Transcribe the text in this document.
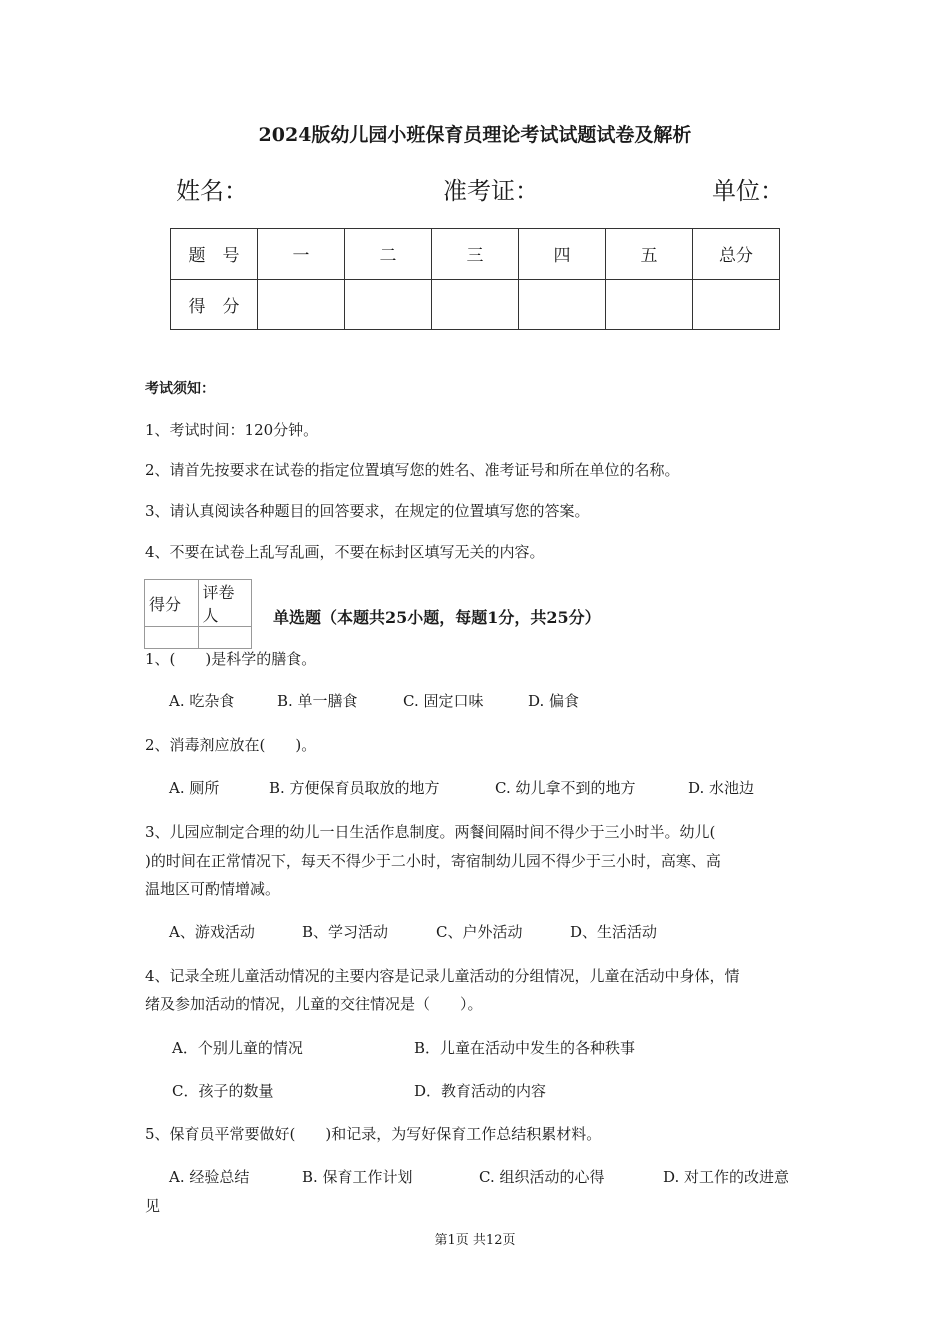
2024版幼儿园小班保育员理论考试试题试卷及解析
姓名：	准考证：	单位：
题　号	一	二	三	四	五	总分
得　分						
考试须知：
1、考试时间：120分钟。
2、请首先按要求在试卷的指定位置填写您的姓名、准考证号和所在单位的名称。
3、请认真阅读各种题目的回答要求，在规定的位置填写您的答案。
4、不要在试卷上乱写乱画，不要在标封区填写无关的内容。
得分	评卷人
		单选题（本题共25小题，每题1分，共25分）
1、(　　)是科学的膳食。
A. 吃杂食	B. 单一膳食	C. 固定口味	D. 偏食
2、消毒剂应放在(　　)。
A. 厕所	B. 方便保育员取放的地方	C. 幼儿拿不到的地方	D. 水池边
3、儿园应制定合理的幼儿一日生活作息制度。两餐间隔时间不得少于三小时半。幼儿(
)的时间在正常情况下，每天不得少于二小时，寄宿制幼儿园不得少于三小时，高寒、高
温地区可酌情增减。
A、游戏活动	B、学习活动	C、户外活动	D、生活活动
4、记录全班儿童活动情况的主要内容是记录儿童活动的分组情况，儿童在活动中身体，情
绪及参加活动的情况，儿童的交往情况是（　　）。
A．个别儿童的情况	B．儿童在活动中发生的各种秩事
C．孩子的数量	D．教育活动的内容
5、保育员平常要做好(　　)和记录，为写好保育工作总结积累材料。
A. 经验总结	B. 保育工作计划	C. 组织活动的心得	D. 对工作的改进意
见
第1页 共12页
